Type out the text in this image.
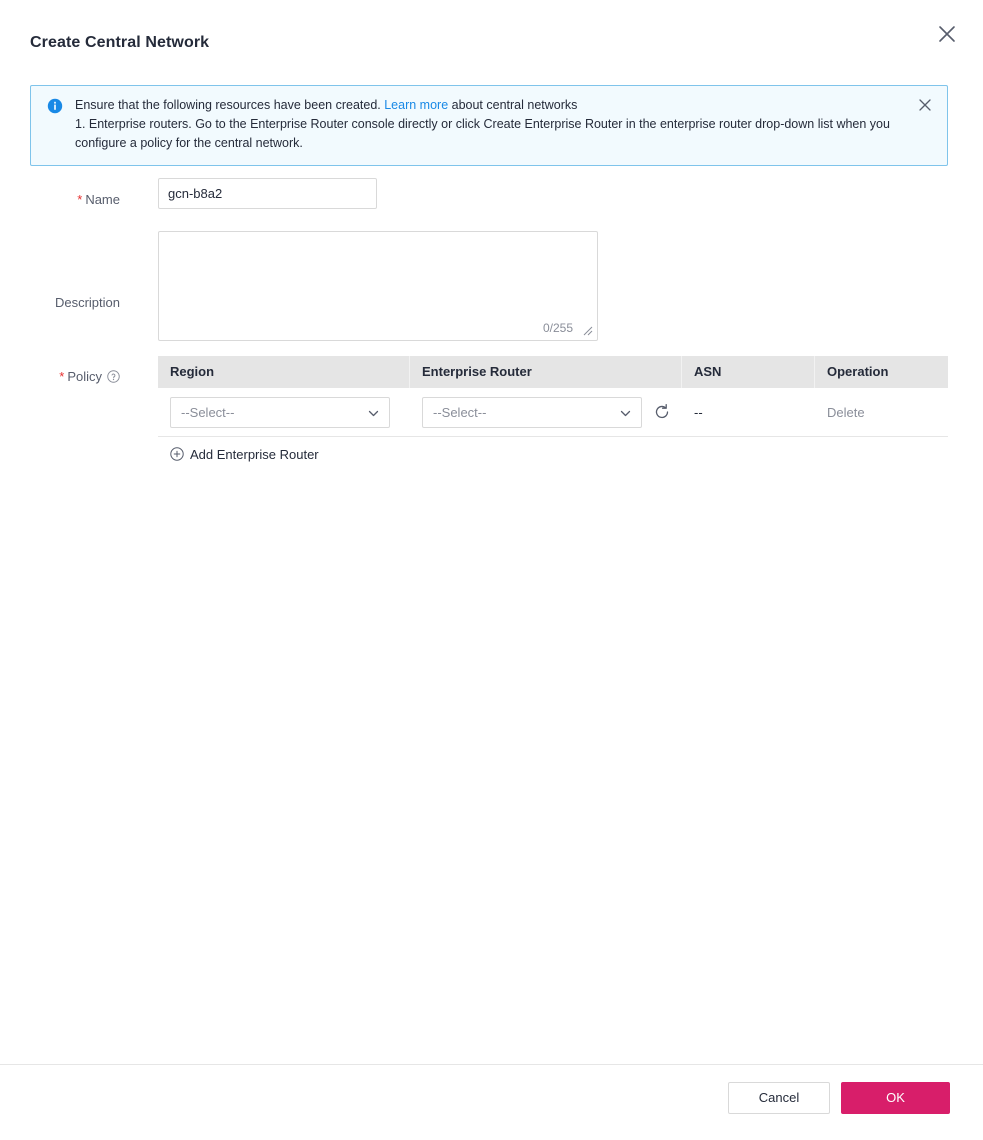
Create Central Network

Ensure that the following resources have been created. Learn more about central networks

1. Enterprise routers. Go to the Enterprise Router console directly or click Create Enterprise Router in the enterprise router drop-down list when you configure a policy for the central network.

* Name
gcn-b8a2
Description
0/255
* Policy	Region	Enterprise Router	ASN	Operation
--Select--	--Select--	--	Delete
Add Enterprise Router
Cancel	OK
